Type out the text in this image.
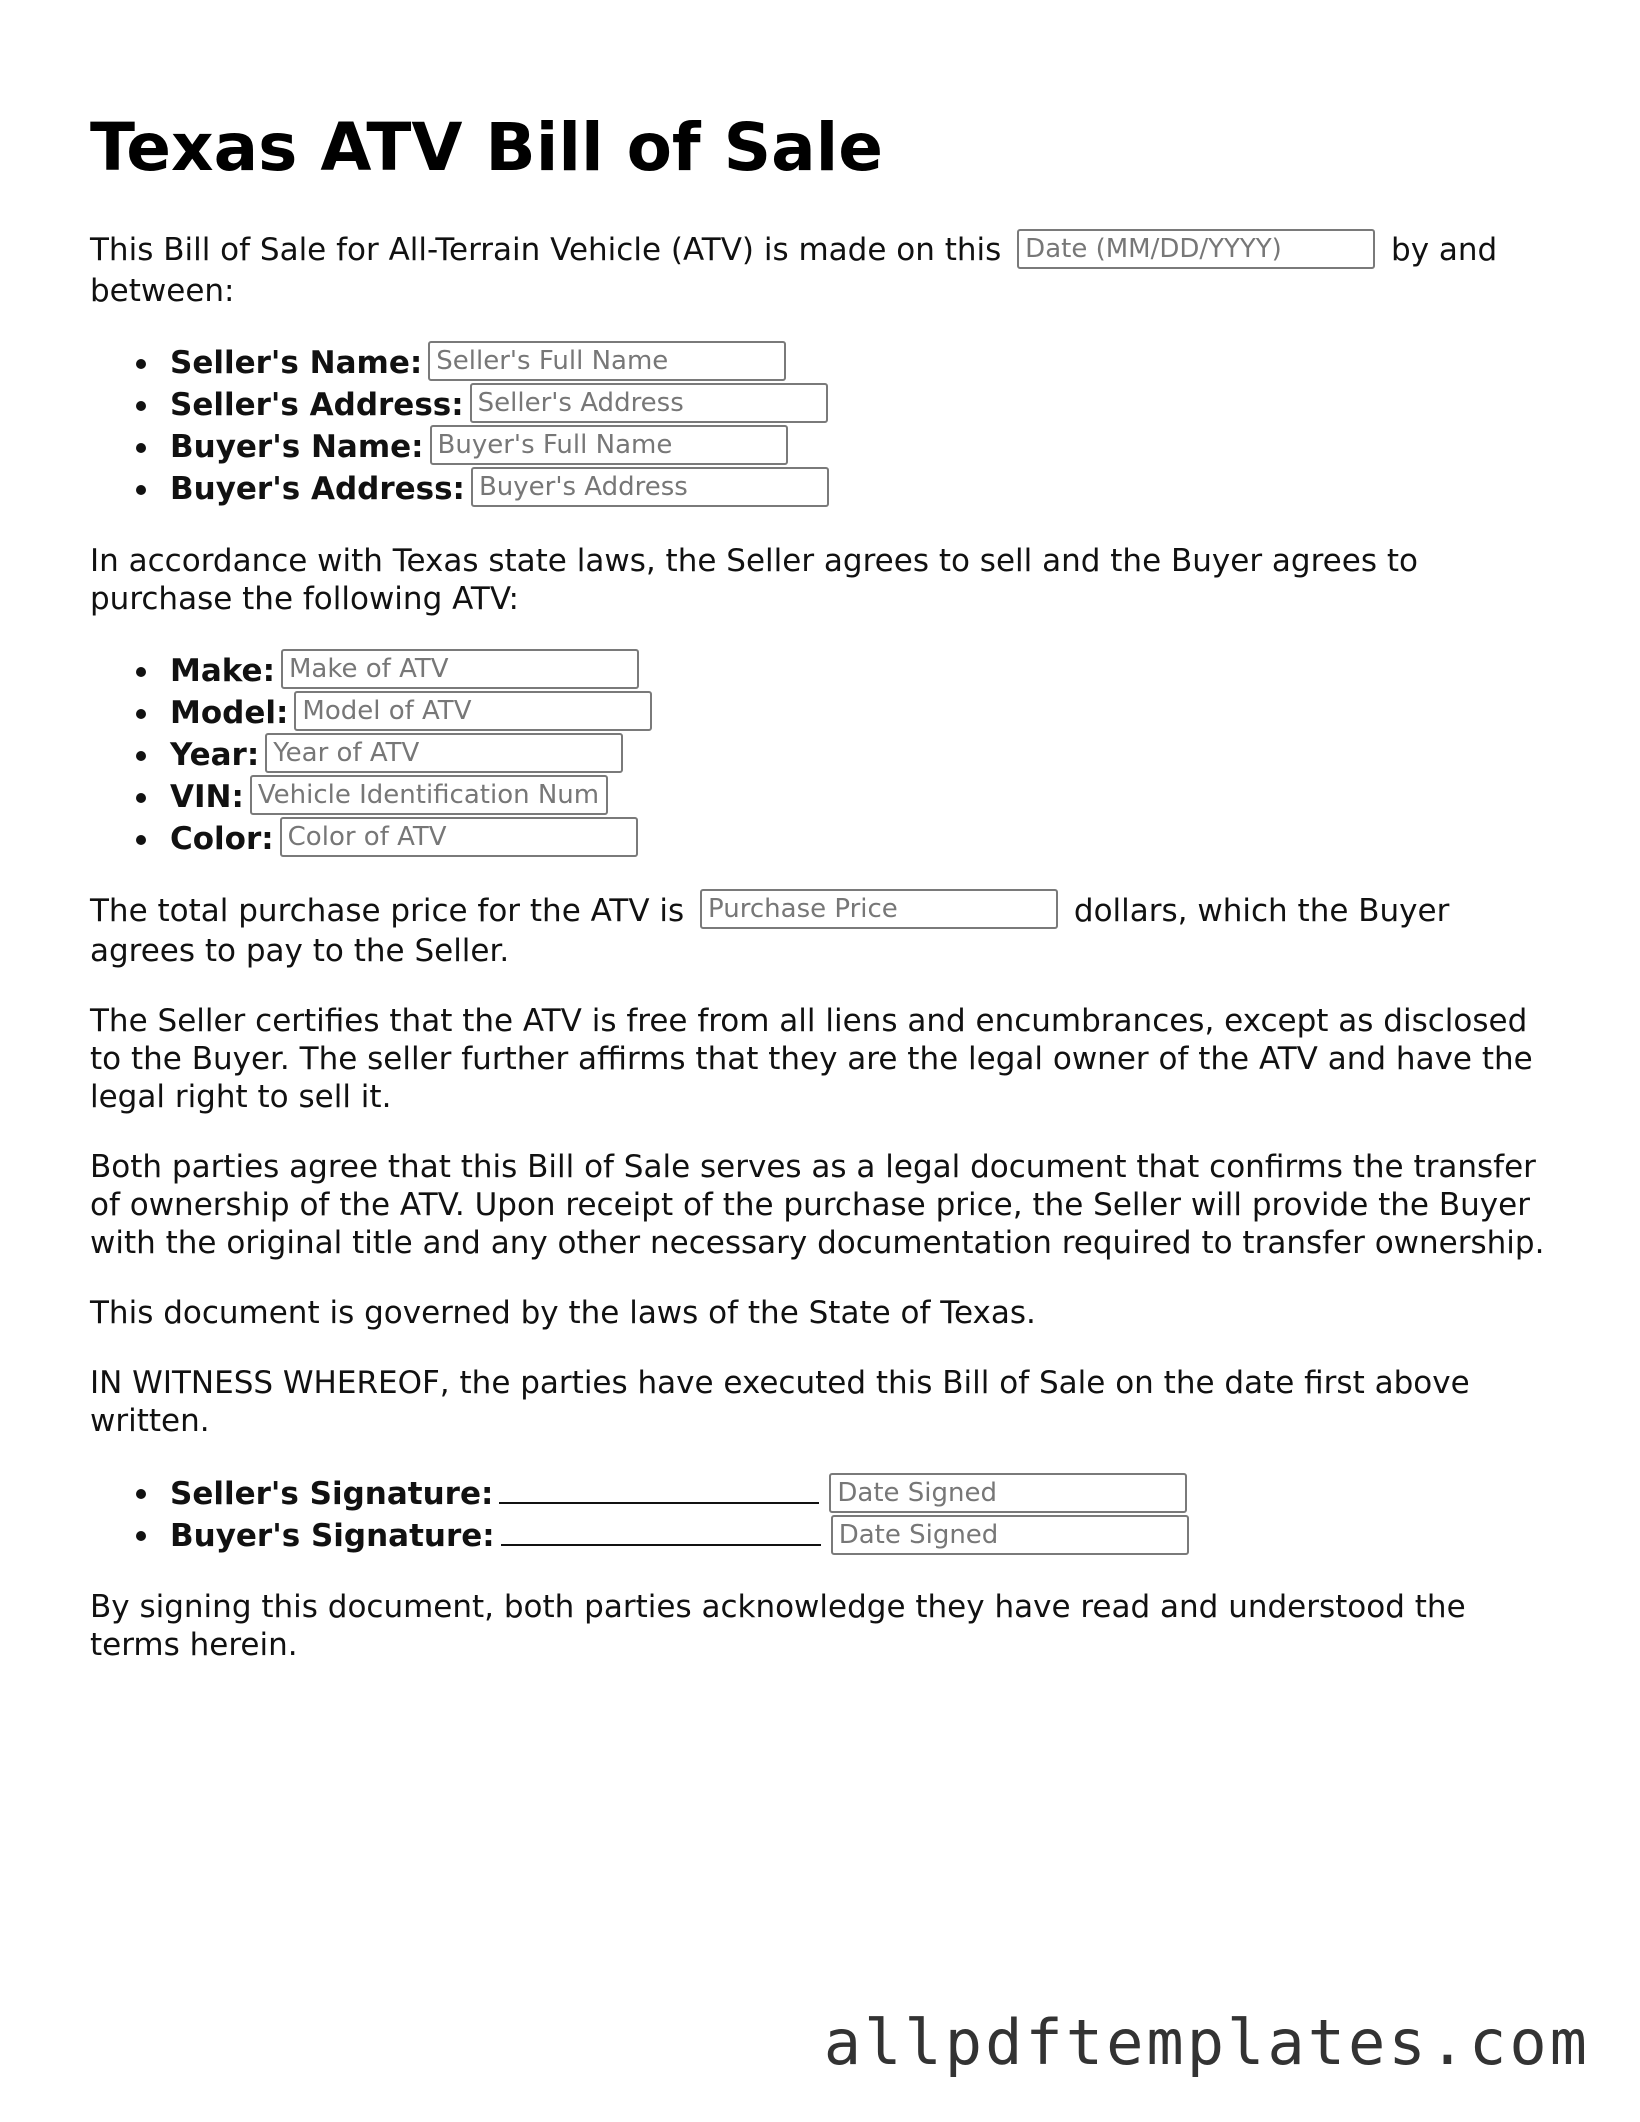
Texas ATV Bill of Sale

This Bill of Sale for All-Terrain Vehicle (ATV) is made on this Date (MM/DD/YYYY)	by and between:

Seller's Name: Seller's Full Name
Seller's Address: Seller's Address
Buyer's Name: Buyer's Full Name
Buyer's Address: Buyer's Address

In accordance with Texas state laws, the Seller agrees to sell and the Buyer agrees to purchase the following ATV:

Make: Make of ATV
Model: Model of ATV
Year: Year of ATV
VIN: Vehicle Identification Num
Color: Color of ATV

The total purchase price for the ATV is Purchase Price	dollars, which the Buyer agrees to pay to the Seller.

The Seller certifies that the ATV is free from all liens and encumbrances, except as disclosed to the Buyer. The seller further affirms that they are the legal owner of the ATV and have the legal right to sell it.

Both parties agree that this Bill of Sale serves as a legal document that confirms the transfer of ownership of the ATV. Upon receipt of the purchase price, the Seller will provide the Buyer with the original title and any other necessary documentation required to transfer ownership.

This document is governed by the laws of the State of Texas.

IN WITNESS WHEREOF, the parties have executed this Bill of Sale on the date first above written.

Seller's Signature:	Date Signed
Buyer's Signature:	Date Signed

By signing this document, both parties acknowledge they have read and understood the terms herein.

allpdftemplates.com
